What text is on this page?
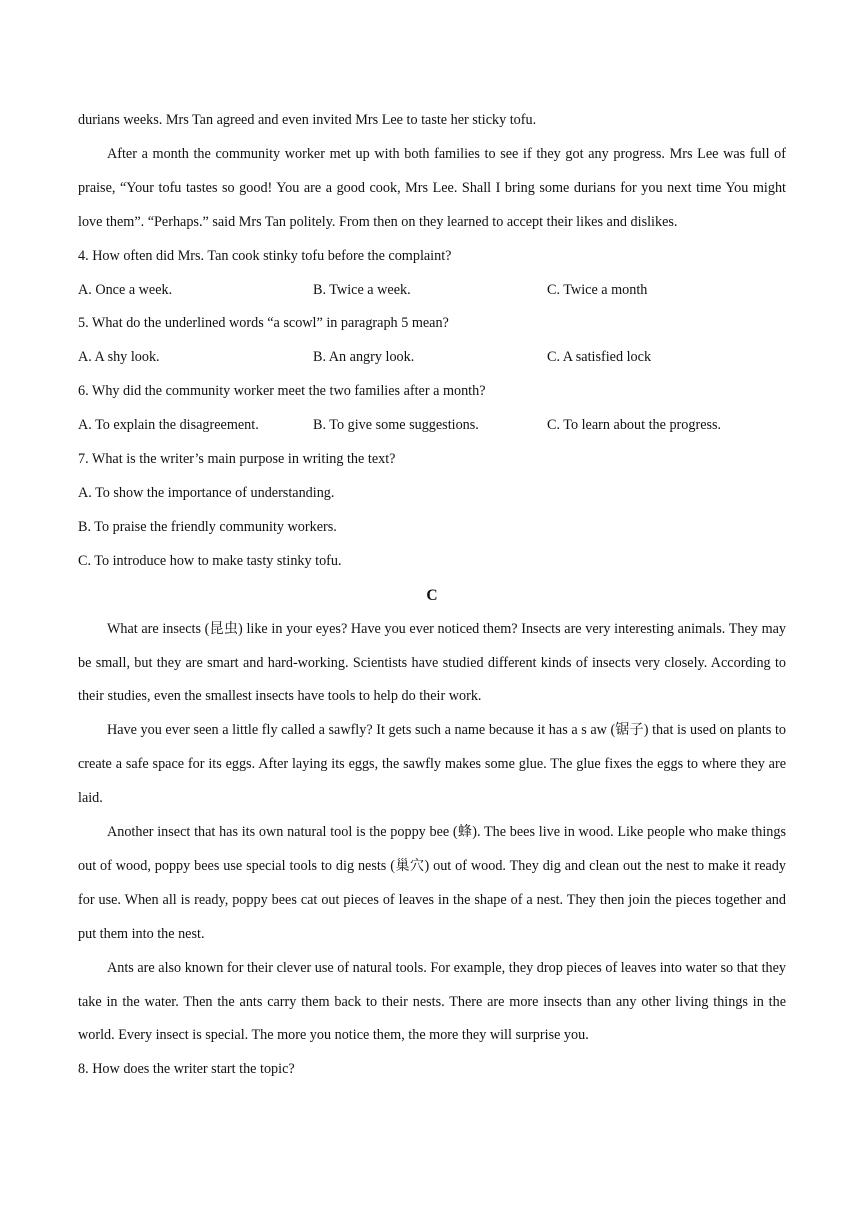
durians weeks. Mrs Tan agreed and even invited Mrs Lee to taste her sticky tofu.

After a month the community worker met up with both families to see if they got any progress. Mrs Lee was full of praise, “Your tofu tastes so good! You are a good cook, Mrs Lee. Shall I bring some durians for you next time You might love them”. “Perhaps.” said Mrs Tan politely. From then on they learned to accept their likes and dislikes.

4. How often did Mrs. Tan cook stinky tofu before the complaint?

A. Once a week.	B. Twice a week.	C. Twice a month

5. What do the underlined words “a scowl” in paragraph 5 mean?

A. A shy look.	B. An angry look.	C. A satisfied lock

6. Why did the community worker meet the two families after a month?

A. To explain the disagreement.	B. To give some suggestions.	C. To learn about the progress.

7. What is the writer’s main purpose in writing the text?

A. To show the importance of understanding.

B. To praise the friendly community workers.

C. To introduce how to make tasty stinky tofu.

C

What are insects (昆虫) like in your eyes? Have you ever noticed them? Insects are very interesting animals. They may be small, but they are smart and hard-working. Scientists have studied different kinds of insects very closely. According to their studies, even the smallest insects have tools to help do their work.

Have you ever seen a little fly called a sawfly? It gets such a name because it has a s aw (锯子) that is used on plants to create a safe space for its eggs. After laying its eggs, the sawfly makes some glue. The glue fixes the eggs to where they are laid.

Another insect that has its own natural tool is the poppy bee (蜂). The bees live in wood. Like people who make things out of wood, poppy bees use special tools to dig nests (巢穴) out of wood. They dig and clean out the nest to make it ready for use. When all is ready, poppy bees cat out pieces of leaves in the shape of a nest. They then join the pieces together and put them into the nest.

Ants are also known for their clever use of natural tools. For example, they drop pieces of leaves into water so that they take in the water. Then the ants carry them back to their nests. There are more insects than any other living things in the world. Every insect is special. The more you notice them, the more they will surprise you.

8. How does the writer start the topic?
